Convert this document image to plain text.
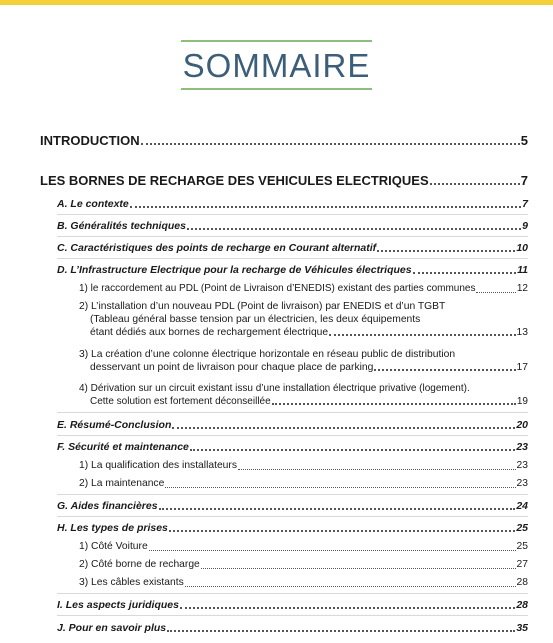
SOMMAIRE
INTRODUCTION	5
LES BORNES DE RECHARGE DES VEHICULES ELECTRIQUES	7
A. Le contexte	7
B. Généralités techniques	9
C. Caractéristiques des points de recharge en Courant alternatif	10
D. L’Infrastructure Electrique pour la recharge de Véhicules électriques	11
1) le raccordement au PDL (Point de Livraison d’ENEDIS) existant des parties communes	12
2) L’installation d’un nouveau PDL (Point de livraison) par ENEDIS et d’un TGBT
(Tableau général basse tension par un électricien, les deux équipements
étant dédiés aux bornes de rechargement électrique	13
3) La création d’une colonne électrique horizontale en réseau public de distribution
desservant un point de livraison pour chaque place de parking	17
4) Dérivation sur un circuit existant issu d’une installation électrique privative (logement).
Cette solution est fortement déconseillée	19
E. Résumé-Conclusion	20
F. Sécurité et maintenance	23
1) La qualification des installateurs	23
2) La maintenance	23
G. Aides financières	24
H. Les types de prises	25
1) Côté Voiture	25
2) Côté borne de recharge	27
3) Les câbles existants	28
I. Les aspects juridiques	28
J. Pour en savoir plus	35
